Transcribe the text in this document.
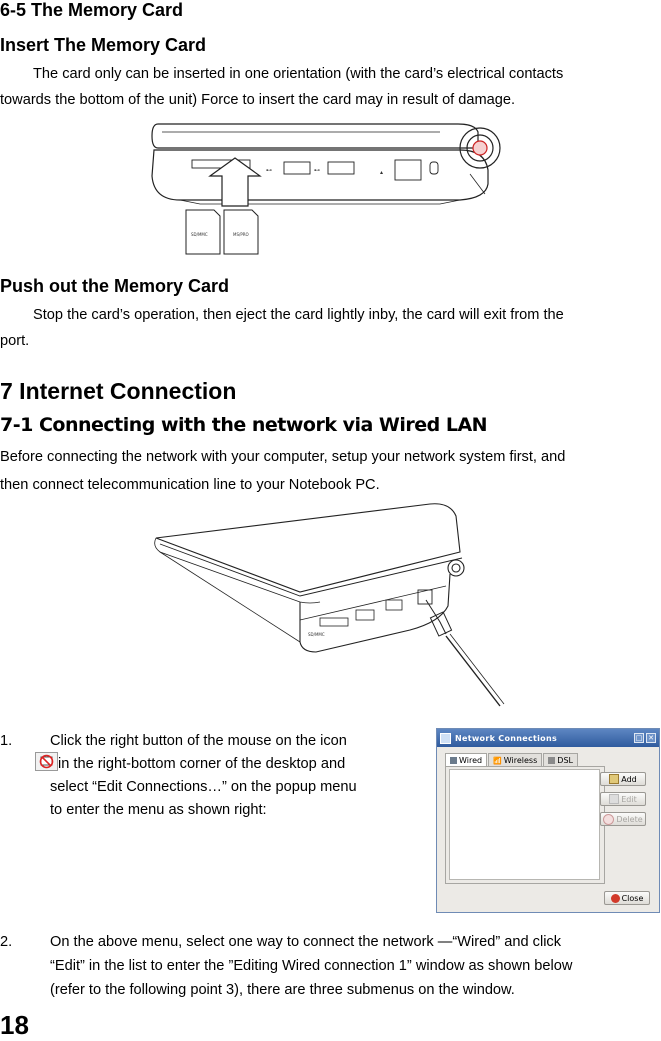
6-5 The Memory Card
Insert The Memory Card
The card only can be inserted in one orientation (with the card’s electrical contacts
towards the bottom of the unit) Force to insert the card may in result of damage.
⊷	⊷	▴
SD/MMC	MS/PRO
Push out the Memory Card
Stop the card’s operation, then eject the card lightly inby, the card will exit from the
port.
7 Internet Connection
7-1 Connecting with the network via Wired LAN
Before connecting the network with your computer, setup your network system first, and
then connect telecommunication line to your Notebook PC.
SD/MMC
1.	Click the right button of the mouse on the icon
in the right-bottom corner of the desktop and
select “Edit Connections…” on the popup menu
to enter the menu as shown right:
Network Connections	□ ✕
Wired 📶 Wireless	DSL
Add
Edit
Delete
Close
2.	On the above menu, select one way to connect the network —“Wired” and click
“Edit” in the list to enter the ”Editing Wired connection 1” window as shown below
(refer to the following point 3), there are three submenus on the window.
18
